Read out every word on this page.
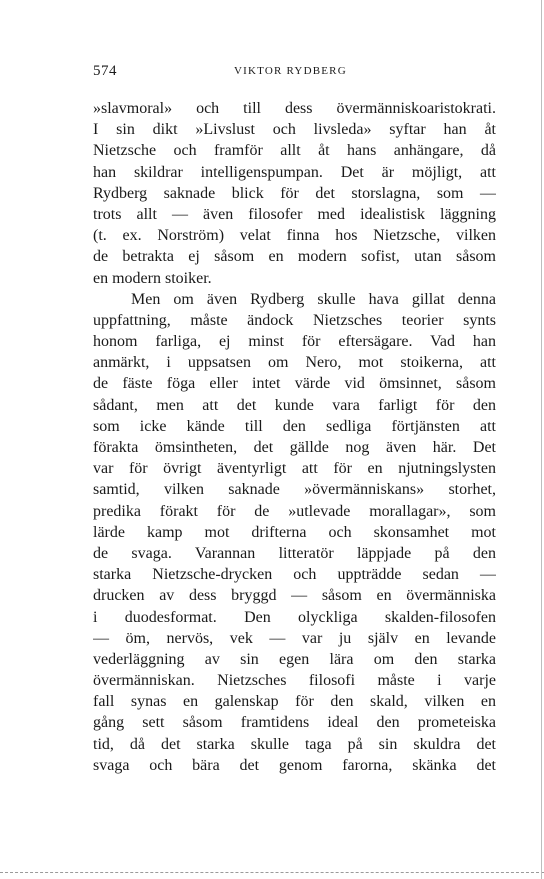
574	VIKTOR RYDBERG
»slavmoral» och till dess övermänniskoaristokrati.
I sin dikt »Livslust och livsleda» syftar han åt
Nietzsche och framför allt åt hans anhängare, då
han skildrar intelligenspumpan. Det är möjligt, att
Rydberg saknade blick för det storslagna, som —
trots allt — även filosofer med idealistisk läggning
(t. ex. Norström) velat finna hos Nietzsche, vilken
de betrakta ej såsom en modern sofist, utan såsom
en modern stoiker.
Men om även Rydberg skulle hava gillat denna
uppfattning, måste ändock Nietzsches teorier synts
honom farliga, ej minst för eftersägare. Vad han
anmärkt, i uppsatsen om Nero, mot stoikerna, att
de fäste föga eller intet värde vid ömsinnet, såsom
sådant, men att det kunde vara farligt för den
som icke kände till den sedliga förtjänsten att
förakta ömsintheten, det gällde nog även här. Det
var för övrigt äventyrligt att för en njutningslysten
samtid, vilken saknade »övermänniskans» storhet,
predika förakt för de »utlevade morallagar», som
lärde kamp mot drifterna och skonsamhet mot
de svaga. Varannan litteratör läppjade på den
starka Nietzsche-drycken och uppträdde sedan —
drucken av dess bryggd — såsom en övermänniska
i duodesformat. Den olyckliga skalden-filosofen
— öm, nervös, vek — var ju själv en levande
vederläggning av sin egen lära om den starka
övermänniskan. Nietzsches filosofi måste i varje
fall synas en galenskap för den skald, vilken en
gång sett såsom framtidens ideal den prometeiska
tid, då det starka skulle taga på sin skuldra det
svaga och bära det genom farorna, skänka det
